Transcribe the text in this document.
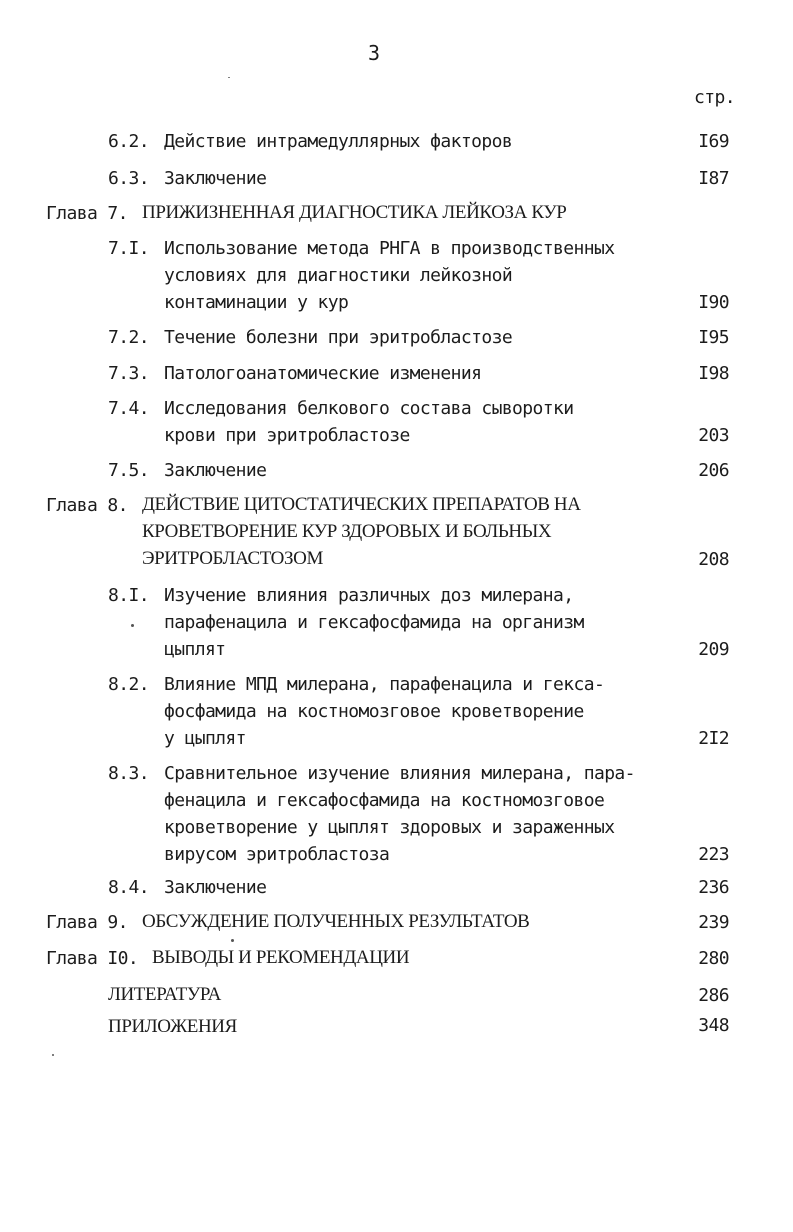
3
стр.
6.2. Действие интрамедуллярных факторов	I69
6.3. Заключение	I87
Глава 7. ПРИЖИЗНЕННАЯ ДИАГНОСТИКА ЛЕЙКОЗА КУР
7.I. Использование метода РНГА в производственных
условиях для диагностики лейкозной
контаминации у кур	I90
7.2. Течение болезни при эритробластозе	I95
7.3. Патологоанатомические изменения	I98
7.4. Исследования белкового состава сыворотки
крови при эритробластозе	203
7.5. Заключение	206
Глава 8. ДЕЙСТВИЕ ЦИТОСТАТИЧЕСКИХ ПРЕПАРАТОВ НА
КРОВЕТВОРЕНИЕ КУР ЗДОРОВЫХ И БОЛЬНЫХ
ЭРИТРОБЛАСТОЗОМ	208
8.I. Изучение влияния различных доз милерана,
парафенацила и гексафосфамида на организм
цыплят	209
8.2. Влияние МПД милерана, парафенацила и гекса-
фосфамида на костномозговое кроветворение
у цыплят	2I2
8.3. Сравнительное изучение влияния милерана, пара-
фенацила и гексафосфамида на костномозговое
кроветворение у цыплят здоровых и зараженных
вирусом эритробластоза	223
8.4. Заключение	236
Глава 9. ОБСУЖДЕНИЕ ПОЛУЧЕННЫХ РЕЗУЛЬТАТОВ	239
Глава I0. ВЫВОДЫ И РЕКОМЕНДАЦИИ	280
ЛИТЕРАТУРА	286
ПРИЛОЖЕНИЯ	348
